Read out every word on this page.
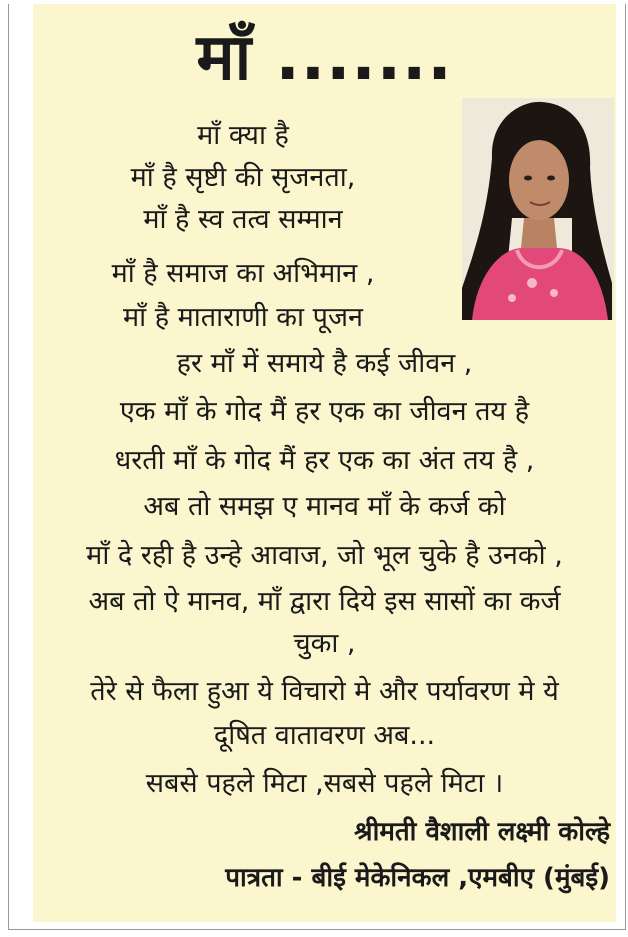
माँ .......
माँ क्या है
माँ है सृष्टी की सृजनता,
माँ है स्व तत्व सम्मान
माँ है समाज का अभिमान ,
माँ है माताराणी का पूजन
हर माँ में समाये है कई जीवन ,
एक माँ के गोद मैं हर एक का जीवन तय है
धरती माँ के गोद मैं हर एक का अंत तय है ,
अब तो समझ ए मानव माँ के कर्ज को
माँ दे रही है उन्हे आवाज, जो भूल चुके है उनको ,
अब तो ऐ मानव, माँ द्वारा दिये इस सासों का कर्ज
चुका ,
तेरे से फैला हुआ ये विचारो मे और पर्यावरण मे ये
दूषित वातावरण अब...
सबसे पहले मिटा ,सबसे पहले मिटा ।
श्रीमती वैशाली लक्ष्मी कोल्हे
पात्रता - बीई मेकेनिकल ,एमबीए (मुंबई)
